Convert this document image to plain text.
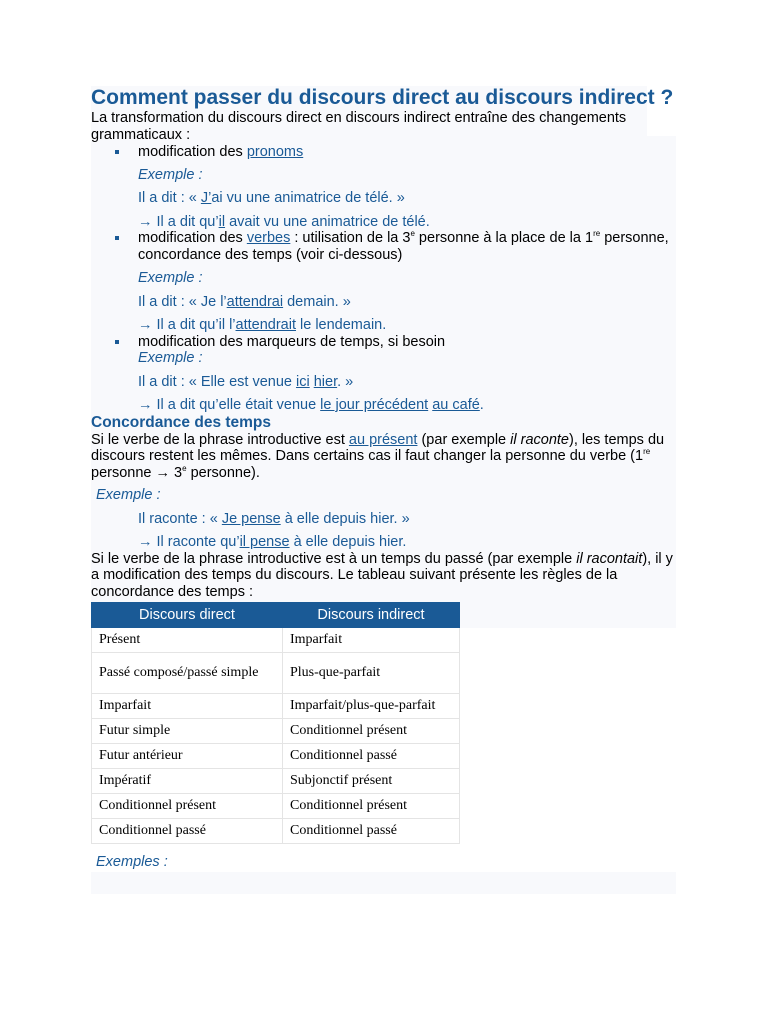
Comment passer du discours direct au discours indirect ?
La transformation du discours direct en discours indirect entraîne des changements grammaticaux :
modification des pronoms
Exemple :
Il a dit : « J’ai vu une animatrice de télé. »
→ Il a dit qu’il avait vu une animatrice de télé.
modification des verbes : utilisation de la 3e personne à la place de la 1re personne, concordance des temps (voir ci-dessous)
Exemple :
Il a dit : « Je l’attendrai demain. »
→ Il a dit qu’il l’attendrait le lendemain.
modification des marqueurs de temps, si besoin
Exemple :
Il a dit : « Elle est venue ici hier. »
→ Il a dit qu’elle était venue le jour précédent au café.
Concordance des temps
Si le verbe de la phrase introductive est au présent (par exemple il raconte), les temps du discours restent les mêmes. Dans certains cas il faut changer la personne du verbe (1re personne → $3^e$ personne).
Exemple :
Il raconte : « Je pense à elle depuis hier. »
→ Il raconte qu’il pense à elle depuis hier.
Si le verbe de la phrase introductive est à un temps du passé (par exemple il racontait), il y a modification des temps du discours. Le tableau suivant présente les règles de la concordance des temps :
Discours direct	Discours indirect
Présent	Imparfait
Passé composé/passé simple	Plus-que-parfait
Imparfait	Imparfait/plus-que-parfait
Futur simple	Conditionnel présent
Futur antérieur	Conditionnel passé
Impératif	Subjonctif présent
Conditionnel présent	Conditionnel présent
Conditionnel passé	Conditionnel passé
Exemples :
